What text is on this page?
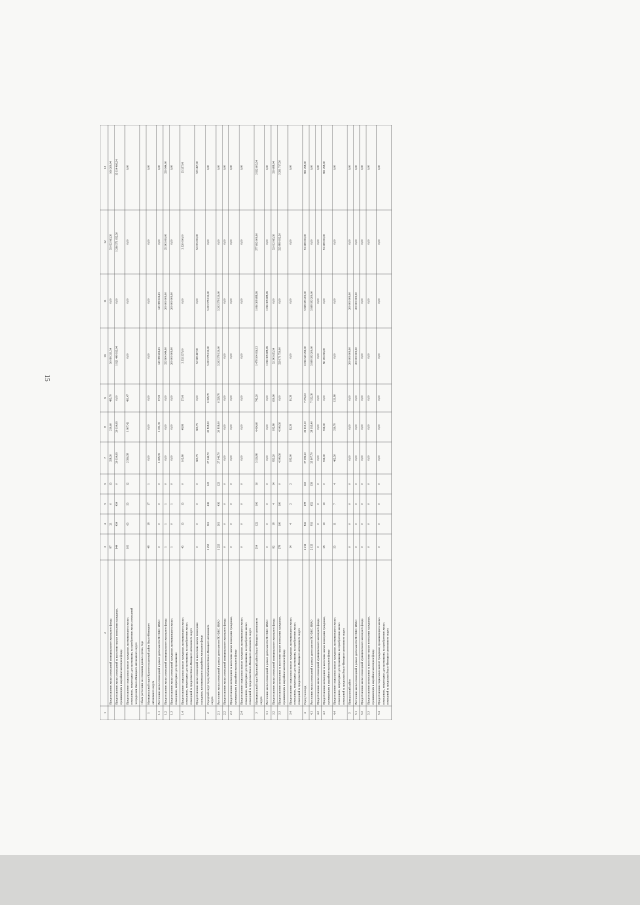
15
1
2
3
4
5
6
7
8
9
10
11
12
13
Предоставление жилых помещений муниципального жилищного фонда
87
21
6
15
358,30
210,60
485,70
56 099 211,54
0,00
55 032 963,20
166 260,04
Предоставление жилых помещений за выселение жилые помещения гражданам, проживающим в аварийном жилищном фонде
944
454
454
0
20 114,09
20 114,09
0,00
1 921 440 913,04
0,00
1 296 571 032,50
15 114 466,54
Предоставление социальных выплат гражданам, проживающим в жилых помещениях, непригодных для проживания, на приобретение жилых помещений за пределами Ямало-Ненецкого автономного округа
105
65
55
12
2 596,58
1 907,42
491,47
0,00
0,00
0,00
0,00
Объем расселения на основании данных органа, года
1
Муниципальный округ Красноселькупский район Ямало-Ненецкого автономного округа
48
18
17
1
0,00
0,00
0,00
0,00
0,00
0,00
0,00
1.1
Расселение жилых помещений в рамках деятельности ПО ФЖС ЯНАО
0
0
0
0
1 068,35
1 031,35
37,00
143 389 266,45
143 389 166,45
0,00
0,00
1.2
Предоставление жилых помещений муниципального жилищного фонда
1
1
1
0
0,00
0,00
0,00
333 904 044,00
200 000 000,00
35 543 000,00
330 944,00
1.3
Предоставление жилых помещений гражданам, проживающим в жилых помещениях, непригодных для проживания
1
0
1
0
0,00
0,00
0,00
200 000 000,00
200 000 000,00
0,00
0,00
1.4
Предоставление социальных выплат гражданам, проживающим в жилых помещениях, непригодных для проживания, на приобретение жилых помещений за пределами Ямало-Ненецкого автономного округа
45
15
15
0
105,80
48,80
57,00
3 555 557,00
0,00
3 520 000,00
35 557,00
Предоставление жилых помещений за выселение жилые помещения гражданам, проживающим в аварийном жилищном фонде
0
0
0
0
963,75
963,75
0,00
52 568 497,00
0,00
52 035 000,00
533 497,00
2
Городской округ город Лабытнанги Ямало-Ненецкого автономного округа
1 253
361
436
123
27 146,70
20 818,00
6 328,70
5 203 578 150,00
5 203 578 150,00
0,00
0,00
2.1
Расселение жилых помещений в рамках деятельности ПО ФЖС ЯНАО
1 253
361
436
123
27 146,70
20 818,00
6 328,70
5 203 578 150,00
5 203 578 150,00
0,00
0,00
2.2
Предоставление жилых помещений муниципального жилищного фонда
0
0
0
0
0,00
0,00
0,00
0,00
0,00
0,00
0,00
2.3
Предоставление возмещения за выселение жилые помещения гражданам, проживающим в аварийном жилищном фонде
0
0
0
0
0,00
0,00
0,00
0,00
0,00
0,00
0,00
2.4
Предоставление социальных выплат гражданам, проживающим в жилых помещениях, непригодных для проживания, на приобретение жилых помещений за пределами Ямало-Ненецкого автономного округа
0
0
0
0
0,00
0,00
0,00
0,00
0,00
0,00
0,00
3
Муниципальный округ Пуровский район Ямало-Ненецкого автономного округа
314
122
106
16
5 156,80
4 414,60
742,20
1 478 104 056,13
1 096 308 688,99
377 695 000,00
3 932 605,54
3.1
Расселение жилых помещений в рамках деятельности ПО ФЖС ЯНАО
0
0
0
0
0,00
0,00
0,00
1 096 308 688,99
1 096 308 688,99
0,00
0,00
3.2
Предоставление жилых помещений муниципального жилищного фонда
82
18
4
14
833,20
182,80
650,90
52 343 655,54
0,00
52 012 965,50
330 688,04
3.3
Предоставление возмещения за выселение жилые помещения гражданам, проживающим в аварийном жилищном фонде
378
100
100
0
4 140,50
4 140,50
0,00
329 171 750,00
0,00
325 880 032,50
3 291 717,50
3.4
Предоставление социальных выплат гражданам, проживающим в жилых помещениях, непригодных для проживания, на приобретение жилых помещений за пределами Ямало-Ненецкого автономного округа
14
4
2
2
183,00
92,30
91,30
0,00
0,00
0,00
0,00
4
Город Салехард
2 216
841
678
163
37 189,20
29 915,10
7 274,10
6 096 543 299,00
5 998 183 200,00
81 298 000,00
861 298,00
4.1
Расселение жилых помещений в рамках деятельности ПО ФЖС ЯНАО
2 133
811
652
159
35 907,70
28 195,40
7 132,30
5 998 183 200,00
5 998 183 200,00
0,00
0,00
4.2
Предоставление жилых помещений муниципального жилищного фонда
0
0
0
0
0,00
0,00
0,00
0,00
0,00
0,00
0,00
4.3
Предоставление возмещения за выселение жилые помещения гражданам, проживающим в аварийном жилищном фонде
28
19
19
0
819,00
819,00
0,00
86 159 099,00
0,00
81 298 000,00
861 298,00
4.4
Предоставление социальных выплат гражданам, проживающим в жилых помещениях, непригодных для проживания, на приобретение жилых помещений за пределами Ямало-Ненецкого автономного округа
55
11
7
4
462,50
310,70
151,80
0,00
0,00
0,00
0,00
5
Приуральский район
0
0
0
0
0,00
0,00
0,00
200 000 000,00
200 000 000,00
0,00
0,00
5.1
Расселение жилых помещений в рамках деятельности ПО ФЖС ЯНАО
0
0
0
0
0,00
0,00
0,00
200 000 000,00
200 000 000,00
0,00
0,00
5.2
Предоставление жилых помещений муниципального жилищного фонда
0
0
0
0
0,00
0,00
0,00
0,00
0,00
0,00
0,00
5.3
Предоставление возмещения за выселение жилые помещения гражданам, проживающим в аварийном жилищном фонде
0
0
0
0
0,00
0,00
0,00
0,00
0,00
0,00
0,00
5.4
Предоставление социальных выплат гражданам, проживающим в жилых помещениях, непригодных для проживания, на приобретение жилых помещений за пределами Ямало-Ненецкого автономного округа
0
0
0
0
0,00
0,00
0,00
0,00
0,00
0,00
0,00
